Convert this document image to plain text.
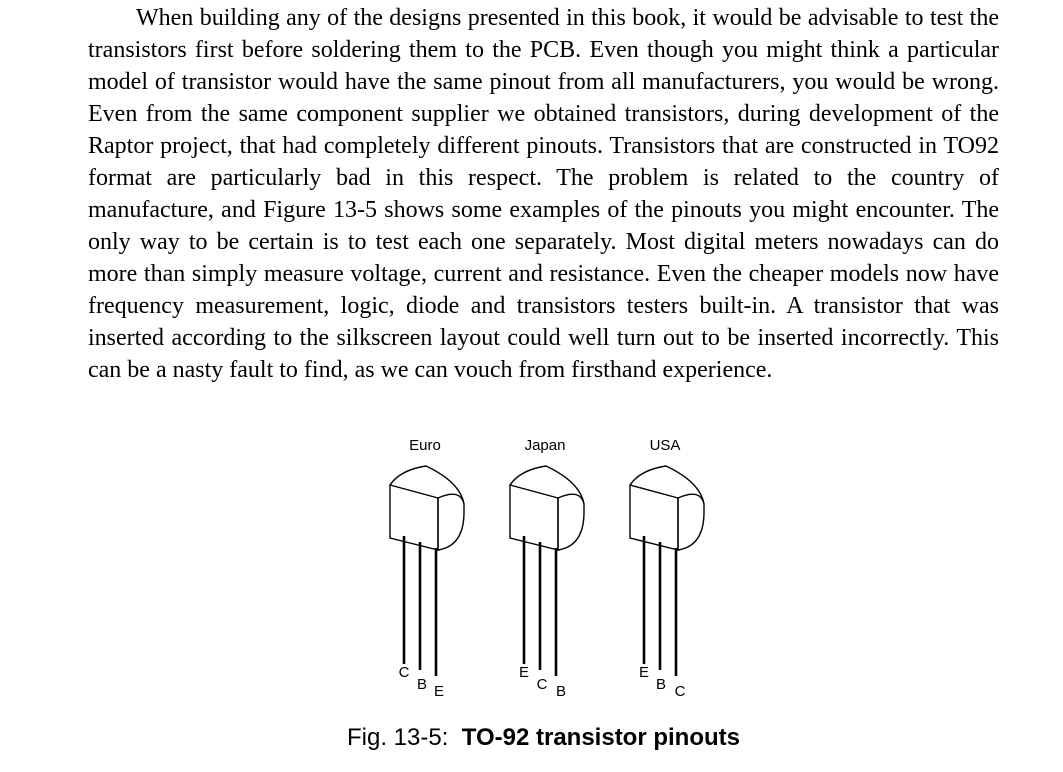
When building any of the designs presented in this book, it would be advisable to test the transistors first before soldering them to the PCB. Even though you might think a particular model of transistor would have the same pinout from all manufacturers, you would be wrong. Even from the same component supplier we obtained transistors, during development of the Raptor project, that had completely different pinouts. Transistors that are constructed in TO92 format are particularly bad in this respect. The problem is related to the country of manufacture, and Figure 13-5 shows some examples of the pinouts you might encounter. The only way to be certain is to test each one separately. Most digital meters nowadays can do more than simply measure voltage, current and resistance. Even the cheaper models now have frequency measurement, logic, diode and transistors testers built-in. A transistor that was inserted according to the silkscreen layout could well turn out to be inserted incorrectly. This can be a nasty fault to find, as we can vouch from firsthand experience.

Euro
C
B E
Japan
E
C B
USA
E
B C
Fig. 13-5: TO-92 transistor pinouts
